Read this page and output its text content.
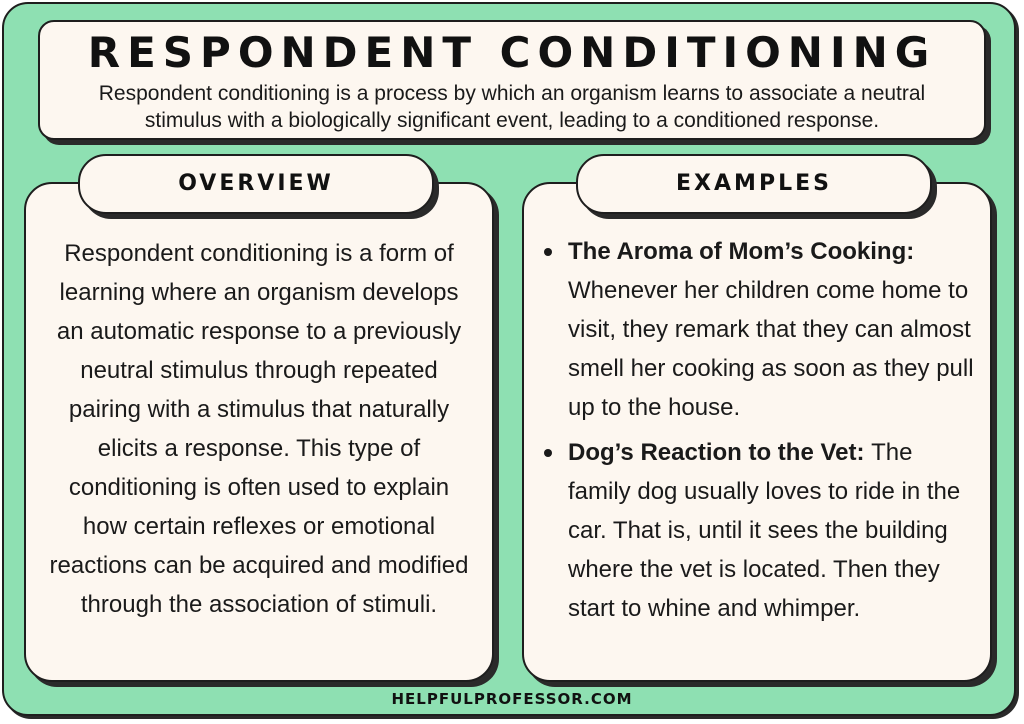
RESPONDENT CONDITIONING
Respondent conditioning is a process by which an organism learns to associate a neutral stimulus with a biologically significant event, leading to a conditioned response.
OVERVIEW
Respondent conditioning is a form of learning where an organism develops an automatic response to a previously neutral stimulus through repeated pairing with a stimulus that naturally elicits a response. This type of conditioning is often used to explain how certain reflexes or emotional reactions can be acquired and modified through the association of stimuli.
EXAMPLES
The Aroma of Mom’s Cooking: Whenever her children come home to visit, they remark that they can almost smell her cooking as soon as they pull up to the house.
Dog’s Reaction to the Vet: The family dog usually loves to ride in the car. That is, until it sees the building where the vet is located. Then they start to whine and whimper.
HELPFULPROFESSOR.COM
